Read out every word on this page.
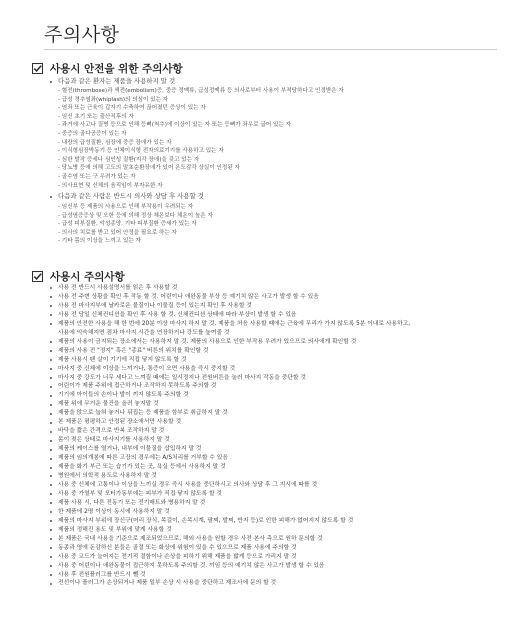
주의사항
사용시 안전을 위한 주의사항
다음과 같은 환자는 제품을 사용하지 말 것
- 혈전(thrombose)과 색전(embolism)증, 중증 정맥류, 급성정맥류 등 의사로부터 사용이 부적당하다고 인정받은 자
- 급성 경추염좌(whiplash)의 의심이 있는 자
- 염좌 또는 근육이 갑자기 수축하여 끊어졌던 증상이 있는 자
- 임신 초기 또는 출산직후의 자
- 과거에 사고나 질병 등으로 인해 등뼈(척추)에 이상이 있는 자 또는 등뼈가 좌우로 굽어 있는 자
- 중증의 골다공증이 있는 자
- 내장의 급성질환, 심장에 중증 장애가 있는 자
- 이식형심장박동기 등 인체이식형 전자의료기기를 사용하고 있는 자
- 심한 발작 증세나 심인성 질환(지각 장애)을 갖고 있는 자
- 당뇨병 등에 의해 고도의 말초순환장애가 있어 온도감각 상실이 인정된 자
- 골수염 또는 구 우려가 있는 자
- 의사표현 및 신체의 움직임이 부자유한 자
다음과 같은 사람은 반드시 의사와 상담 후 사용할 것
- 임신부 등 제품의 사용으로 인해 부작용이 우려되는 자
- 급성염증증상 및 오한 등에 의해 정상 체온보다 체온이 높은 자
- 급성 피부질환, 악성종양, 기타 피부질환 증세가 있는 자
- 의사의 치료를 받고 있어 안정을 필요로 하는 자
- 기타 몸의 이상을 느끼고 있는 자
사용시 주의사항
사용 전 반드시 사용설명서를 읽은 후 사용할 것
사용 전 주변 상황을 확인 후 작동 할 것. 어린이나 애완동물 부상 등 예기치 않은 사고가 발생 할 수 있음
사용 전 마사지부에 날카로운 물질이나 이물질 등이 있는지 확인 후 사용할 것
사용 전 당일 신체컨디션을 확인 후 사용 할 것. 신체컨디션 상태에 따라 부상이 발생 할 수 있음
제품의 안전한 사용을 해 한 번에 20분 이상 마사지 하지 말 것. 제품을 처음 사용할 때에는 근육에 무리가 가지 않도록 5분 이내로 사용하고,
사용에 익숙해지면 점차 마사지 시간을 연장하거나 강도를 높여줄 것
제품의 사용이 금지되는 장소에서는 사용하지 말 것. 제품의 사용으로 인한 부작용 우려가 있으므로 의사에게 확인할 것
제품의 사용 전 "정지" 혹은 "종료" 버튼의 위치를 확인할 것
제품 사용시 팬 살이 기기에 직접 닿지 않도록 할 것
마사지 중 신체에 이상을 느끼거나, 통증이 오면 사용을 즉시 중지할 것
마사지 중 강도가 너무 세다고 느껴질 때에는 일시정지나 전원버튼을 눌러 마사지 작동을 중단할 것
어린이가 제품 주위에 접근하거나 조작하지 못하도록 주의할 것
기기에 아이들의 손이나 발이 끼지 않도록 주의할 것
제품 위에 무거운 물건을 올려 놓지말 것
제품을 앉으로 눕혀 놓거나 뒤집는 등 제품을 함부로 취급하지 말 것
본 제품은 평평하고 안정된 장소에서만 사용할 것
바닥을 짧은 간격으로 반복 조작하지 말 것
몸이 젖은 상태로 마사지기를 사용하지 말 것
제품의 케이스를 열거나, 내부에 이물질을 삽입하지 말 것
제품의 임의개봉에 따른 고장의 경우에는 A/S처리를 거부할 수 있음
제품을 화기 부근 또는 습기가 있는 곳, 욕실 등에서 사용하지 말 것
병원에서 의학적 용도로 사용하지 말 것
사용 중 신체에 고통이나 이상을 느끼실 경우 즉시 사용을 중단하시고 의사와 상담 후 그 지시에 따를 것
사용 중 가열부 및 모터가동부에는 피부가 직접 닿지 않도록 할 것
제품 사용 시, 다른 전동기 또는 전기매트와 병용하지 말 것
한 제품에 2명 이상이 동시에 사용하지 말 것
제품의 마사지 부위에 장신구(머리 장식, 목걸이, 손목시계, 팔찌, 발찌, 반지 등)로 인한 피해가 없어지지 않도록 할 것
제품의 정해진 용도 및 부위에 맞게 사용할 것
본 제품은 국내 사용을 기준으로 제조되었으므로, 해외 사용을 원할 경우 사전 본사 측으로 원하 문의할 것
동종과 영에 돈감하신 분들은 골절 또는 화상에 위험이 있을 수 있으므로 제품 사용에 주의할 것
사용 중 코드가 늘어지는 전기적 결함이나 손상을 피하기 위해 제품을 밟게 등으로 가리지 말 것
사용 중 어린이나 애완동물이 접근하지 못하도록 주의할 것. 끼임 등의 예기치 않은 사고가 발생 할 수 있음
사용 후 전원플러그를 반드시 뺄 것
전선이나 플러그가 손상되거나 제품 일부 손상 시 사용을 중단하고 제조사에 문의 할 것
